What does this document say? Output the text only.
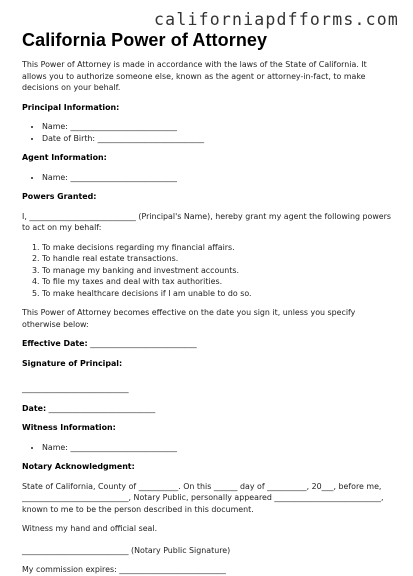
californiapdfforms.com
California Power of Attorney

This Power of Attorney is made in accordance with the laws of the State of California. It allows you to authorize someone else, known as the agent or attorney-in-fact, to make decisions on your behalf.

Principal Information:

• Name: ___________________________
• Date of Birth: ___________________________

Agent Information:

• Name: ___________________________

Powers Granted:

I, ___________________________ (Principal's Name), hereby grant my agent the following powers to act on my behalf:

1. To make decisions regarding my financial affairs.
2. To handle real estate transactions.
3. To manage my banking and investment accounts.
4. To file my taxes and deal with tax authorities.
5. To make healthcare decisions if I am unable to do so.

This Power of Attorney becomes effective on the date you sign it, unless you specify otherwise below:

Effective Date: ___________________________

Signature of Principal:

___________________________

Date: ___________________________

Witness Information:

• Name: ___________________________

Notary Acknowledgment:

State of California, County of __________. On this ______ day of __________, 20___, before me, ___________________________, Notary Public, personally appeared ___________________________, known to me to be the person described in this document.

Witness my hand and official seal.

___________________________ (Notary Public Signature)

My commission expires: ___________________________
